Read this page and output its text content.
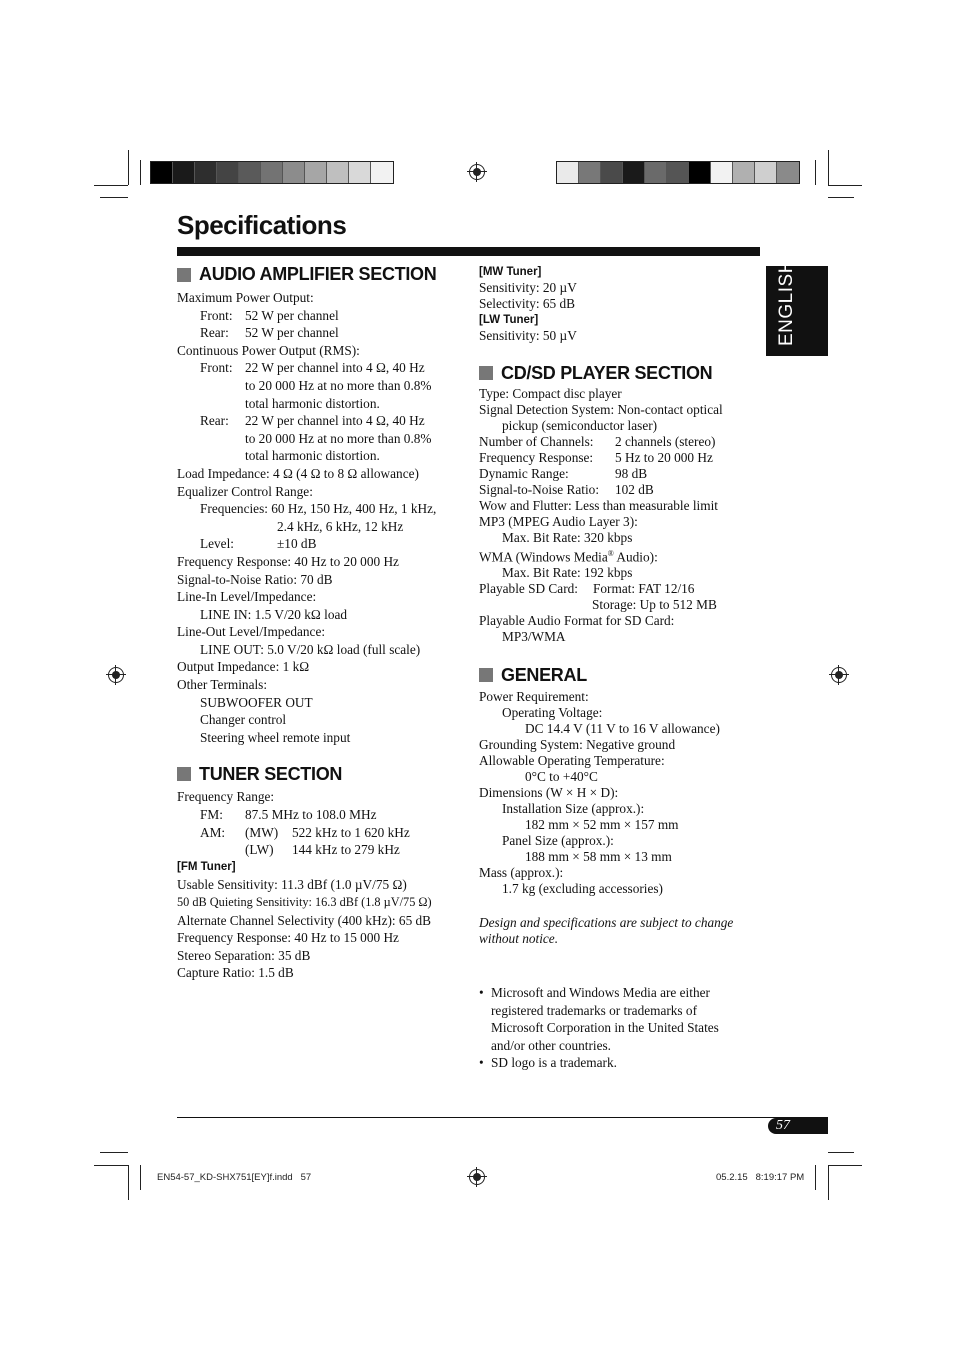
Specifications
ENGLISH
AUDIO AMPLIFIER SECTION
Maximum Power Output:
Front: 52 W per channel
Rear: 52 W per channel
Continuous Power Output (RMS):
Front: 22 W per channel into 4 Ω, 40 Hz
to 20 000 Hz at no more than 0.8%
total harmonic distortion.
Rear: 22 W per channel into 4 Ω, 40 Hz
to 20 000 Hz at no more than 0.8%
total harmonic distortion.
Load Impedance: 4 Ω (4 Ω to 8 Ω allowance)
Equalizer Control Range:
Frequencies: 60 Hz, 150 Hz, 400 Hz, 1 kHz,
2.4 kHz, 6 kHz, 12 kHz
Level:	±10 dB
Frequency Response: 40 Hz to 20 000 Hz
Signal-to-Noise Ratio: 70 dB
Line-In Level/Impedance:
LINE IN: 1.5 V/20 kΩ load
Line-Out Level/Impedance:
LINE OUT: 5.0 V/20 kΩ load (full scale)
Output Impedance: 1 kΩ
Other Terminals:
SUBWOOFER OUT
Changer control
Steering wheel remote input
TUNER SECTION
Frequency Range:
FM: 87.5 MHz to 108.0 MHz
AM: (MW) 522 kHz to 1 620 kHz
(LW) 144 kHz to 279 kHz
[FM Tuner]
Usable Sensitivity: 11.3 dBf (1.0 µV/75 Ω)
50 dB Quieting Sensitivity: 16.3 dBf (1.8 µV/75 Ω)
Alternate Channel Selectivity (400 kHz): 65 dB
Frequency Response: 40 Hz to 15 000 Hz
Stereo Separation: 35 dB
Capture Ratio: 1.5 dB
[MW Tuner]
Sensitivity: 20 µV
Selectivity: 65 dB
[LW Tuner]
Sensitivity: 50 µV
CD/SD PLAYER SECTION
Type: Compact disc player
Signal Detection System: Non-contact optical
pickup (semiconductor laser)
Number of Channels: 2 channels (stereo)
Frequency Response: 5 Hz to 20 000 Hz
Dynamic Range:	98 dB
Signal-to-Noise Ratio: 102 dB
Wow and Flutter: Less than measurable limit
MP3 (MPEG Audio Layer 3):
Max. Bit Rate: 320 kbps
WMA (Windows Media® Audio):
Max. Bit Rate: 192 kbps
Playable SD Card: Format: FAT 12/16
Storage: Up to 512 MB
Playable Audio Format for SD Card:
MP3/WMA
GENERAL
Power Requirement:
Operating Voltage:
DC 14.4 V (11 V to 16 V allowance)
Grounding System: Negative ground
Allowable Operating Temperature:
0°C to +40°C
Dimensions (W × H × D):
Installation Size (approx.):
182 mm × 52 mm × 157 mm
Panel Size (approx.):
188 mm × 58 mm × 13 mm
Mass (approx.):
1.7 kg (excluding accessories)
Design and specifications are subject to change without notice.
• Microsoft and Windows Media are either registered trademarks or trademarks of Microsoft Corporation in the United States and/or other countries.
• SD logo is a trademark.
57
EN54-57_KD-SHX751[EY]f.indd   57	05.2.15   8:19:17 PM
